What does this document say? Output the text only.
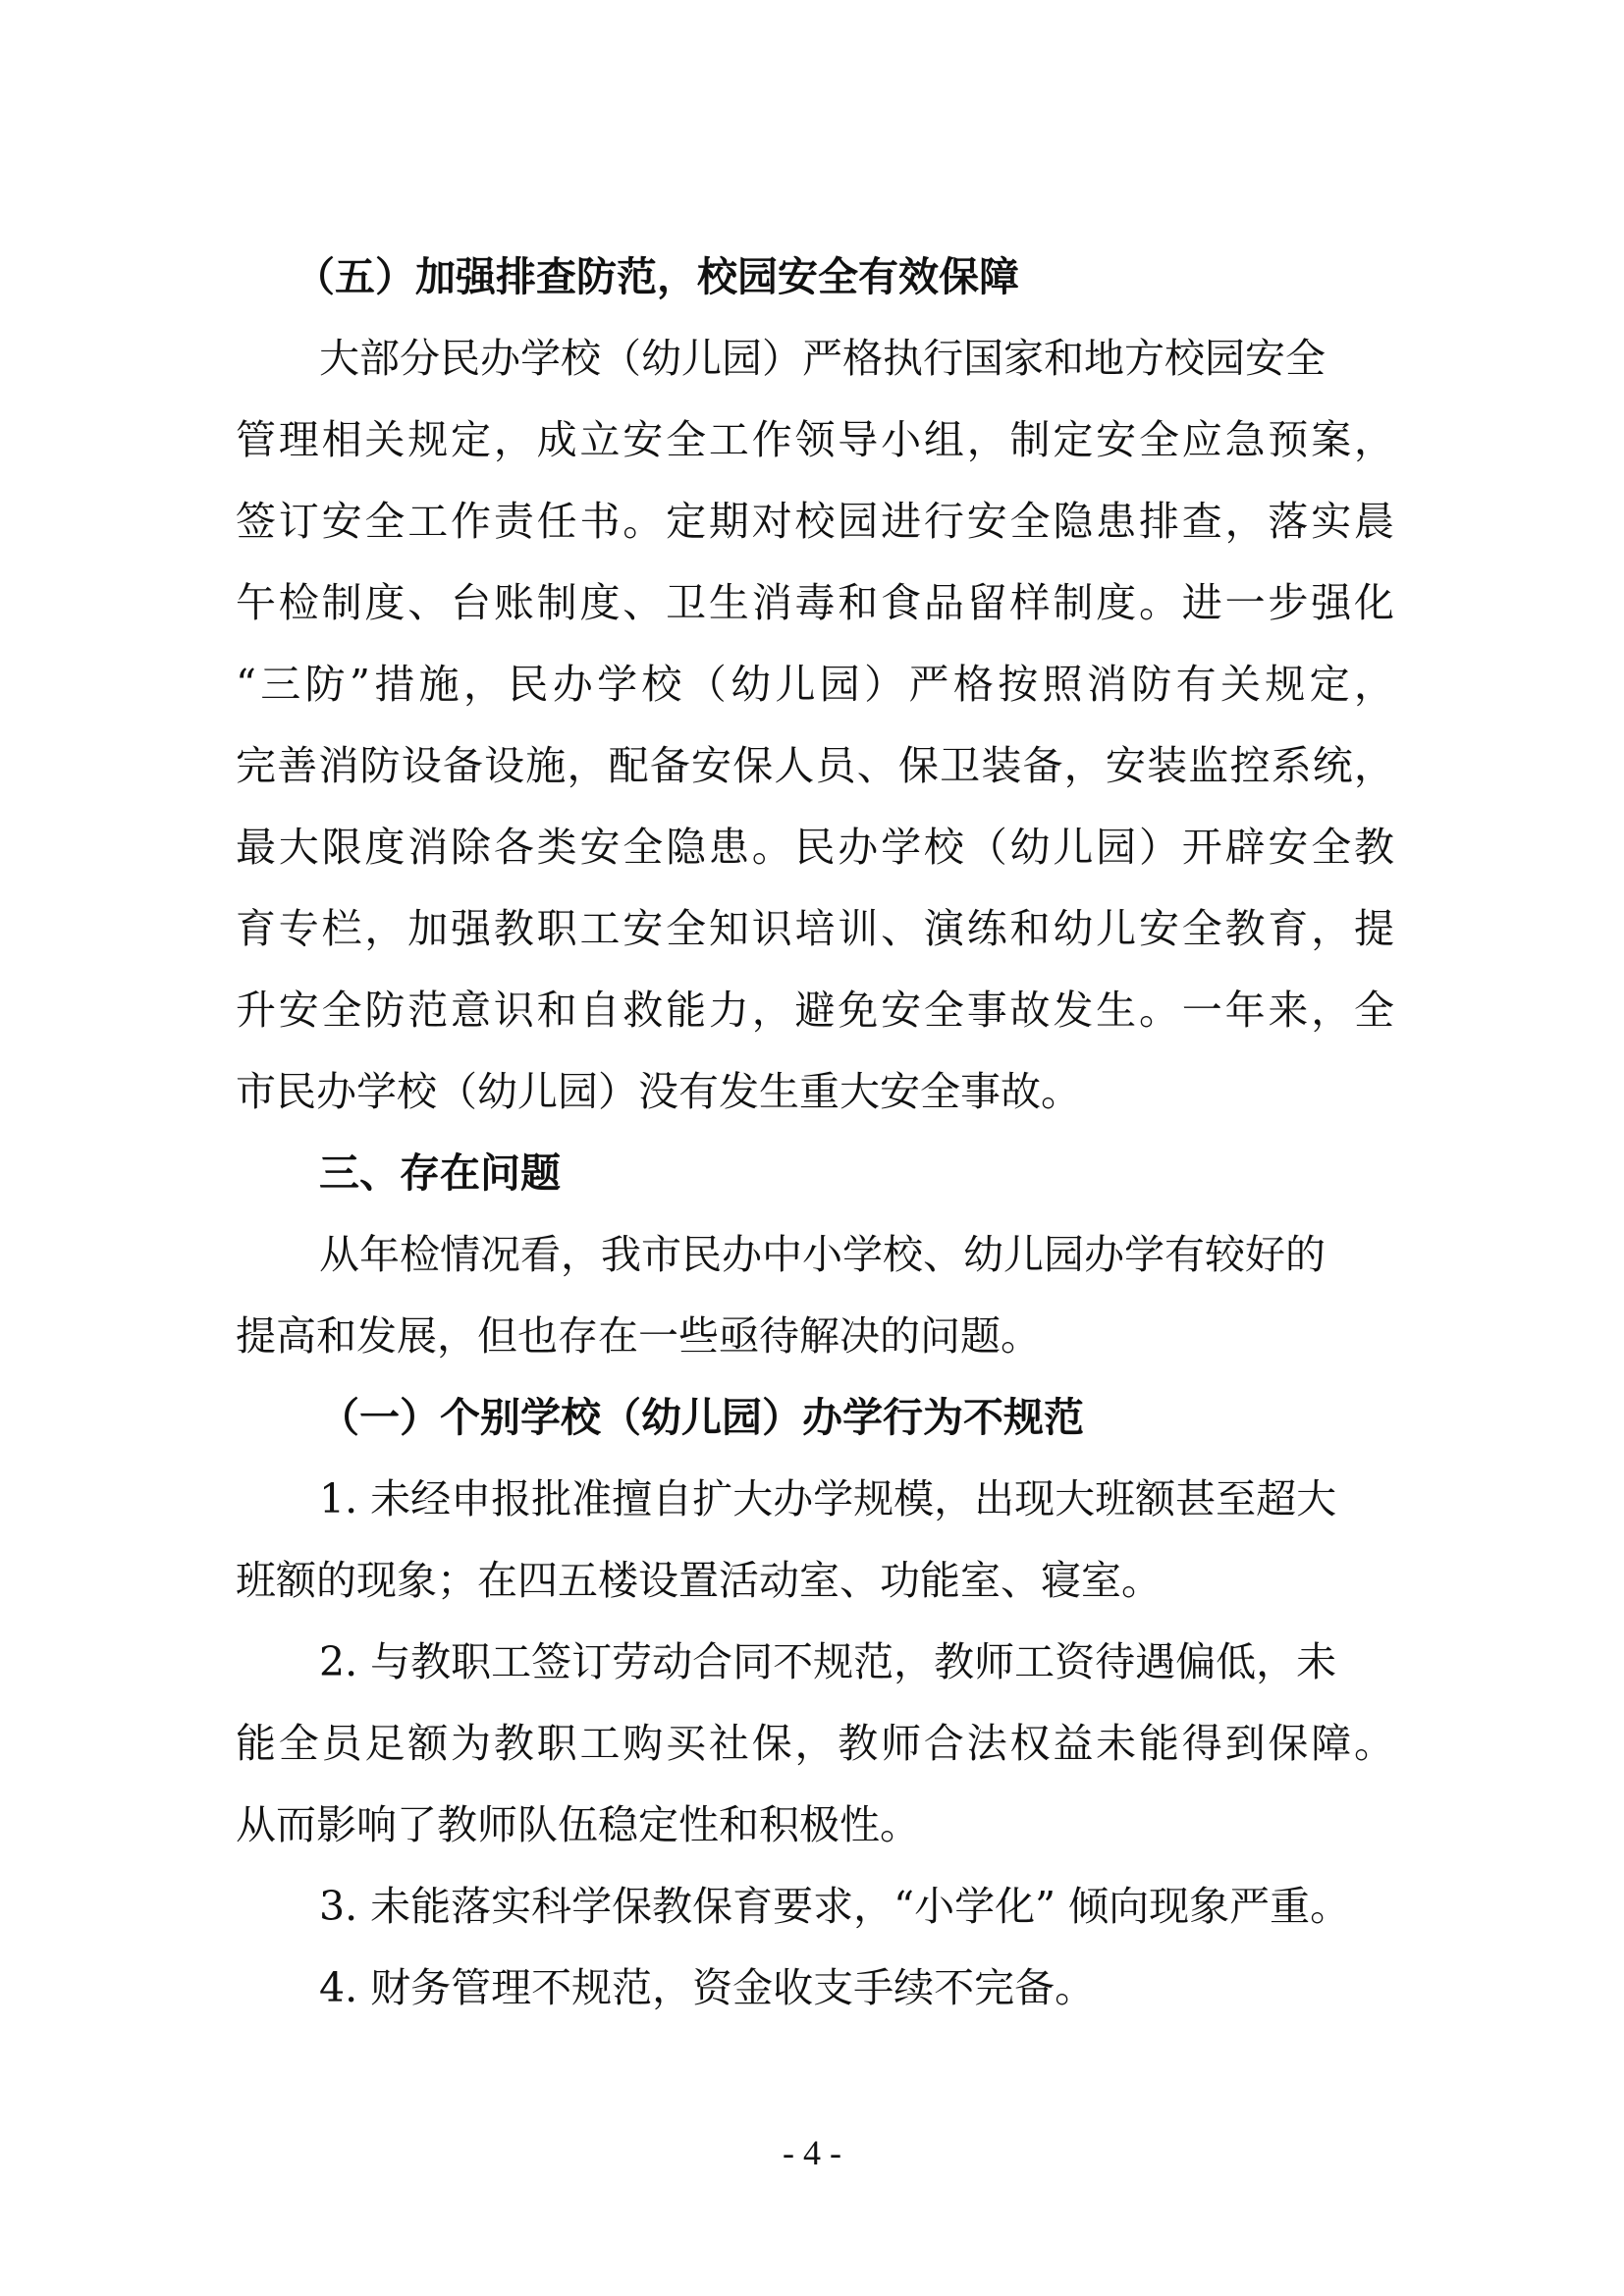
（五）加强排查防范，校园安全有效保障

大部分民办学校（幼儿园）严格执行国家和地方校园安全

管理相关规定，成立安全工作领导小组，制定安全应急预案，

签订安全工作责任书。定期对校园进行安全隐患排查，落实晨

午检制度、台账制度、卫生消毒和食品留样制度。进一步强化

“三防”措施，民办学校（幼儿园）严格按照消防有关规定，

完善消防设备设施，配备安保人员、保卫装备，安装监控系统，

最大限度消除各类安全隐患。民办学校（幼儿园）开辟安全教

育专栏，加强教职工安全知识培训、演练和幼儿安全教育，提

升安全防范意识和自救能力，避免安全事故发生。一年来，全

市民办学校（幼儿园）没有发生重大安全事故。

三、存在问题

从年检情况看，我市民办中小学校、幼儿园办学有较好的

提高和发展，但也存在一些亟待解决的问题。

（一）个别学校（幼儿园）办学行为不规范

1. 未经申报批准擅自扩大办学规模，出现大班额甚至超大

班额的现象；在四五楼设置活动室、功能室、寝室。

2. 与教职工签订劳动合同不规范，教师工资待遇偏低，未

能全员足额为教职工购买社保，教师合法权益未能得到保障。

从而影响了教师队伍稳定性和积极性。

3. 未能落实科学保教保育要求，“小学化” 倾向现象严重。

4. 财务管理不规范，资金收支手续不完备。

- 4 -
